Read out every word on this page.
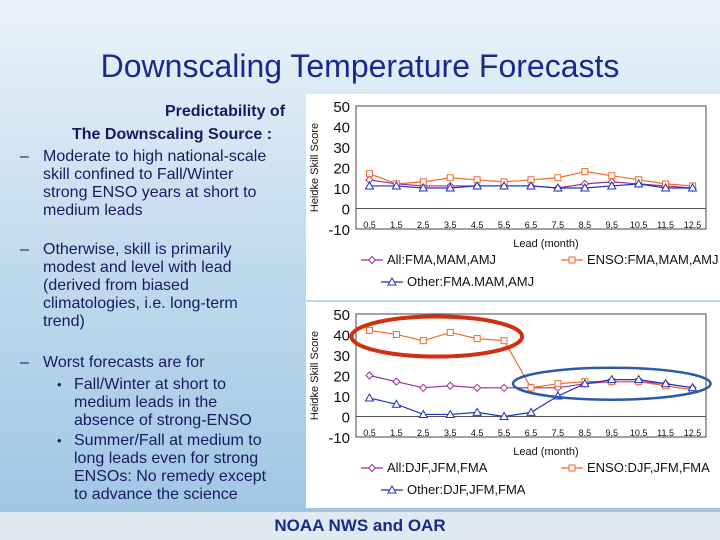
Downscaling Temperature Forecasts
Predictability of
The Downscaling Source :
– Moderate to high national-scale
skill confined to Fall/Winter
strong ENSO years at short to
medium leads
– Otherwise, skill is primarily
modest and level with lead
(derived from biased
climatologies, i.e. long-term
trend)
– Worst forecasts are for
• Fall/Winter at short to
medium leads in the
absence of strong-ENSO
• Summer/Fall at medium to
long leads even for strong
ENSOs: No remedy except
to advance the science
50
40
30
20
10
0
-10
Heidke Skill Score
0.5 1.5 2.5 3.5 4.5 5.5 6.5 7.5 8.5 9.5 10.5 11.5 12.5
Lead (month)
All:FMA,MAM,AMJ	ENSO:FMA,MAM,AMJ
Other:FMA.MAM,AMJ
50
40
30
20
10
0
-10
Heidke Skill Score
0.5 1.5 2.5 3.5 4.5 5.5 6.5 7.5 8.5 9.5 10.5 11.5 12.5
Lead (month)
All:DJF,JFM,FMA	ENSO:DJF,JFM,FMA
Other:DJF,JFM,FMA
NOAA NWS and OAR
